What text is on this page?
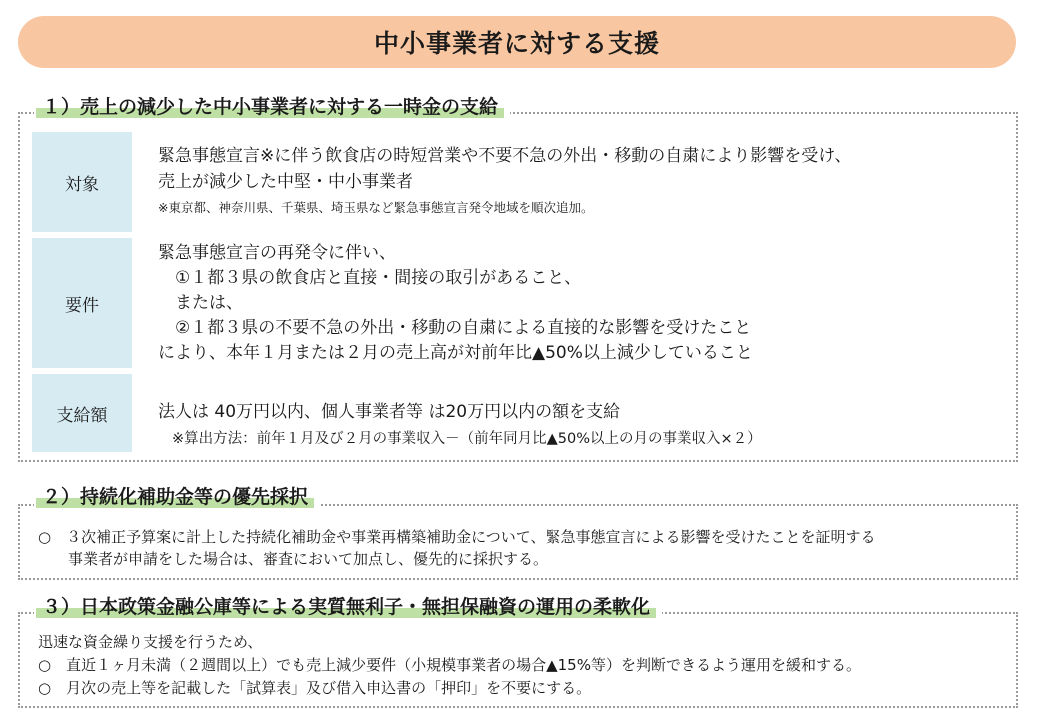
中小事業者に対する支援
１）売上の減少した中小事業者に対する一時金の支給
対象
緊急事態宣言※に伴う飲食店の時短営業や不要不急の外出・移動の自粛により影響を受け、
売上が減少した中堅・中小事業者
※東京都、神奈川県、千葉県、埼玉県など緊急事態宣言発令地域を順次追加。
要件
緊急事態宣言の再発令に伴い、
　①１都３県の飲食店と直接・間接の取引があること、
　または、
　②１都３県の不要不急の外出・移動の自粛による直接的な影響を受けたこと
により、本年１月または２月の売上高が対前年比▲50%以上減少していること
支給額	法人は 40万円以内、個人事業者等 は20万円以内の額を支給
※算出方法：前年１月及び２月の事業収入－（前年同月比▲50%以上の月の事業収入×２）
２）持続化補助金等の優先採択
○　３次補正予算案に計上した持続化補助金や事業再構築補助金について、緊急事態宣言による影響を受けたことを証明する
　　事業者が申請をした場合は、審査において加点し、優先的に採択する。
３）日本政策金融公庫等による実質無利子・無担保融資の運用の柔軟化
迅速な資金繰り支援を行うため、
○　直近１ヶ月未満（２週間以上）でも売上減少要件（小規模事業者の場合▲15%等）を判断できるよう運用を緩和する。
○　月次の売上等を記載した「試算表」及び借入申込書の「押印」を不要にする。
